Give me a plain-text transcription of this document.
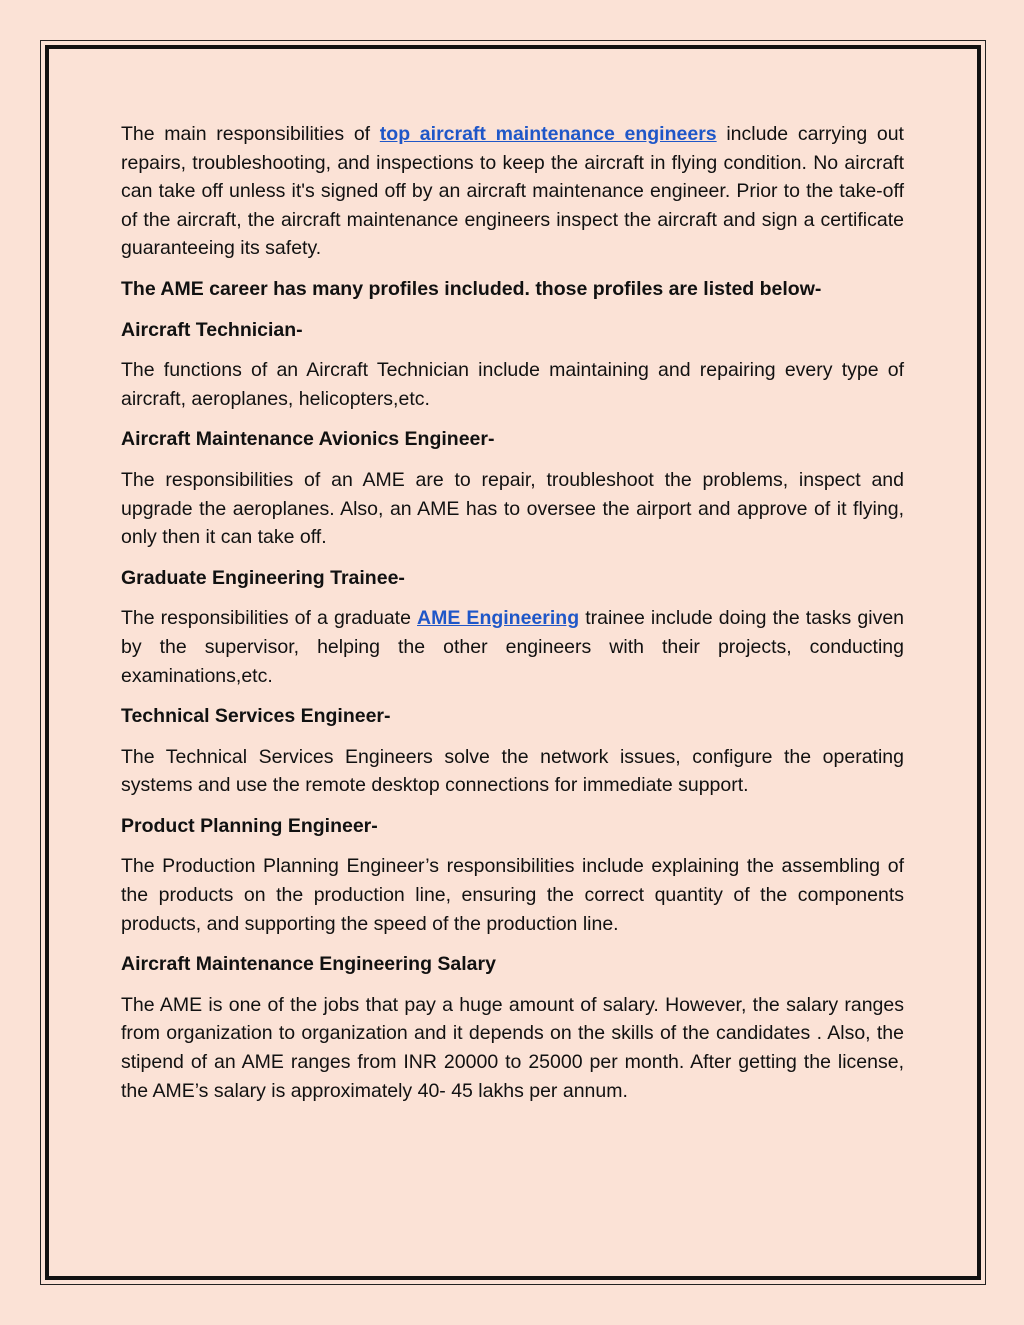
The main responsibilities of top aircraft maintenance engineers include carrying out repairs, troubleshooting, and inspections to keep the aircraft in flying condition. No aircraft can take off unless it's signed off by an aircraft maintenance engineer. Prior to the take-off of the aircraft, the aircraft maintenance engineers inspect the aircraft and sign a certificate guaranteeing its safety.

The AME career has many profiles included. those profiles are listed below-

Aircraft Technician-

The functions of an Aircraft Technician include maintaining and repairing every type of aircraft, aeroplanes, helicopters,etc.

Aircraft Maintenance Avionics Engineer-

The responsibilities of an AME are to repair, troubleshoot the problems, inspect and upgrade the aeroplanes. Also, an AME has to oversee the airport and approve of it flying, only then it can take off.

Graduate Engineering Trainee-

The responsibilities of a graduate AME Engineering trainee include doing the tasks given by the supervisor, helping the other engineers with their projects, conducting examinations,etc.

Technical Services Engineer-

The Technical Services Engineers solve the network issues, configure the operating systems and use the remote desktop connections for immediate support.

Product Planning Engineer-

The Production Planning Engineer’s responsibilities include explaining the assembling of the products on the production line, ensuring the correct quantity of the components products, and supporting the speed of the production line.

Aircraft Maintenance Engineering Salary

The AME is one of the jobs that pay a huge amount of salary. However, the salary ranges from organization to organization and it depends on the skills of the candidates . Also, the stipend of an AME ranges from INR 20000 to 25000 per month. After getting the license, the AME’s salary is approximately 40- 45 lakhs per annum.
